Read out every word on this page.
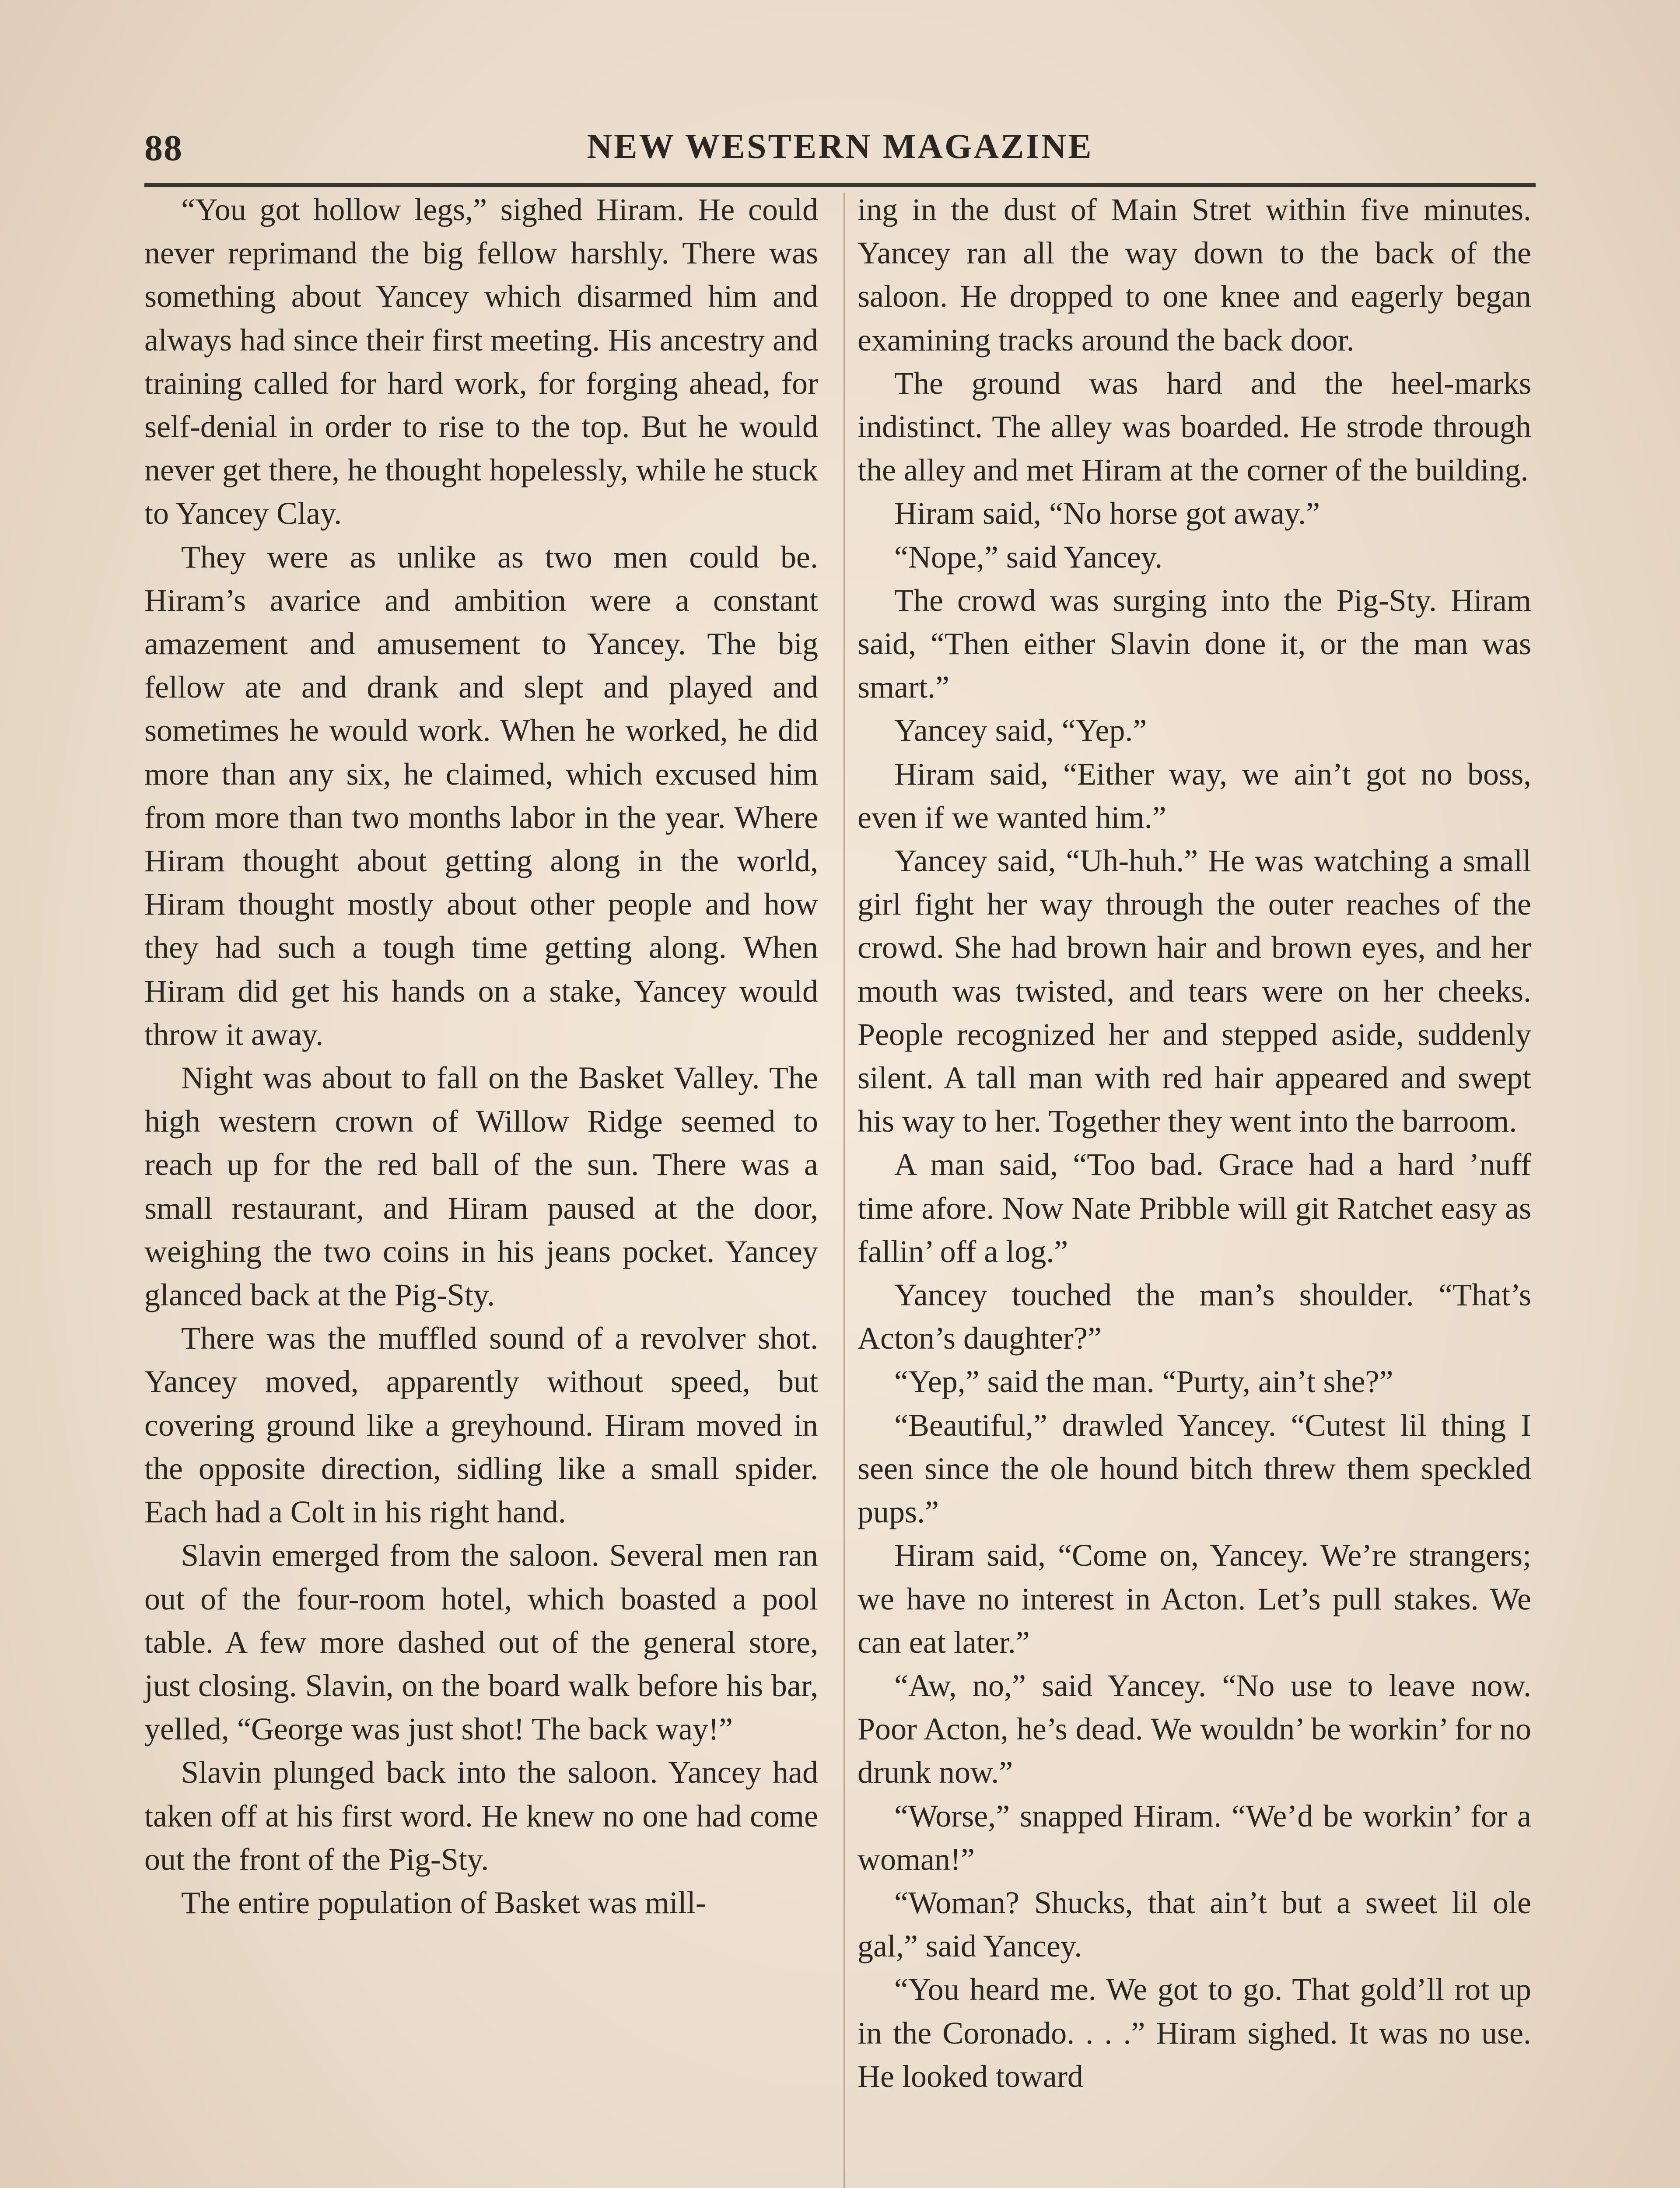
88	NEW WESTERN MAGAZINE

“You got hollow legs,” sighed Hiram. He could never reprimand the big fellow harshly. There was something about Yancey which disarmed him and always had since their first meeting. His ancestry and training called for hard work, for forging ahead, for self-denial in order to rise to the top. But he would never get there, he thought hopelessly, while he stuck to Yancey Clay.

They were as unlike as two men could be. Hiram’s avarice and ambition were a constant amazement and amusement to Yancey. The big fellow ate and drank and slept and played and sometimes he would work. When he worked, he did more than any six, he claimed, which excused him from more than two months labor in the year. Where Hiram thought about getting along in the world, Hiram thought mostly about other people and how they had such a tough time getting along. When Hiram did get his hands on a stake, Yancey would throw it away.

Night was about to fall on the Basket Valley. The high western crown of Willow Ridge seemed to reach up for the red ball of the sun. There was a small restaurant, and Hiram paused at the door, weighing the two coins in his jeans pocket. Yancey glanced back at the Pig-Sty.

There was the muffled sound of a revolver shot. Yancey moved, apparently without speed, but covering ground like a greyhound. Hiram moved in the opposite direction, sidling like a small spider. Each had a Colt in his right hand.

Slavin emerged from the saloon. Several men ran out of the four-room hotel, which boasted a pool table. A few more dashed out of the general store, just closing. Slavin, on the board walk before his bar, yelled, “George was just shot! The back way!”

Slavin plunged back into the saloon. Yancey had taken off at his first word. He knew no one had come out the front of the Pig-Sty.

The entire population of Basket was mill-

ing in the dust of Main Stret within five minutes. Yancey ran all the way down to the back of the saloon. He dropped to one knee and eagerly began examining tracks around the back door.

The ground was hard and the heel-marks indistinct. The alley was boarded. He strode through the alley and met Hiram at the corner of the building.

Hiram said, “No horse got away.”

“Nope,” said Yancey.

The crowd was surging into the Pig-Sty. Hiram said, “Then either Slavin done it, or the man was smart.”

Yancey said, “Yep.”

Hiram said, “Either way, we ain’t got no boss, even if we wanted him.”

Yancey said, “Uh-huh.” He was watching a small girl fight her way through the outer reaches of the crowd. She had brown hair and brown eyes, and her mouth was twisted, and tears were on her cheeks. People recognized her and stepped aside, suddenly silent. A tall man with red hair appeared and swept his way to her. Together they went into the barroom.

A man said, “Too bad. Grace had a hard ’nuff time afore. Now Nate Pribble will git Ratchet easy as fallin’ off a log.”

Yancey touched the man’s shoulder. “That’s Acton’s daughter?”

“Yep,” said the man. “Purty, ain’t she?”

“Beautiful,” drawled Yancey. “Cutest lil thing I seen since the ole hound bitch threw them speckled pups.”

Hiram said, “Come on, Yancey. We’re strangers; we have no interest in Acton. Let’s pull stakes. We can eat later.”

“Aw, no,” said Yancey. “No use to leave now. Poor Acton, he’s dead. We wouldn’ be workin’ for no drunk now.”

“Worse,” snapped Hiram. “We’d be workin’ for a woman!”

“Woman? Shucks, that ain’t but a sweet lil ole gal,” said Yancey.

“You heard me. We got to go. That gold’ll rot up in the Coronado. . . .” Hiram sighed. It was no use. He looked toward
